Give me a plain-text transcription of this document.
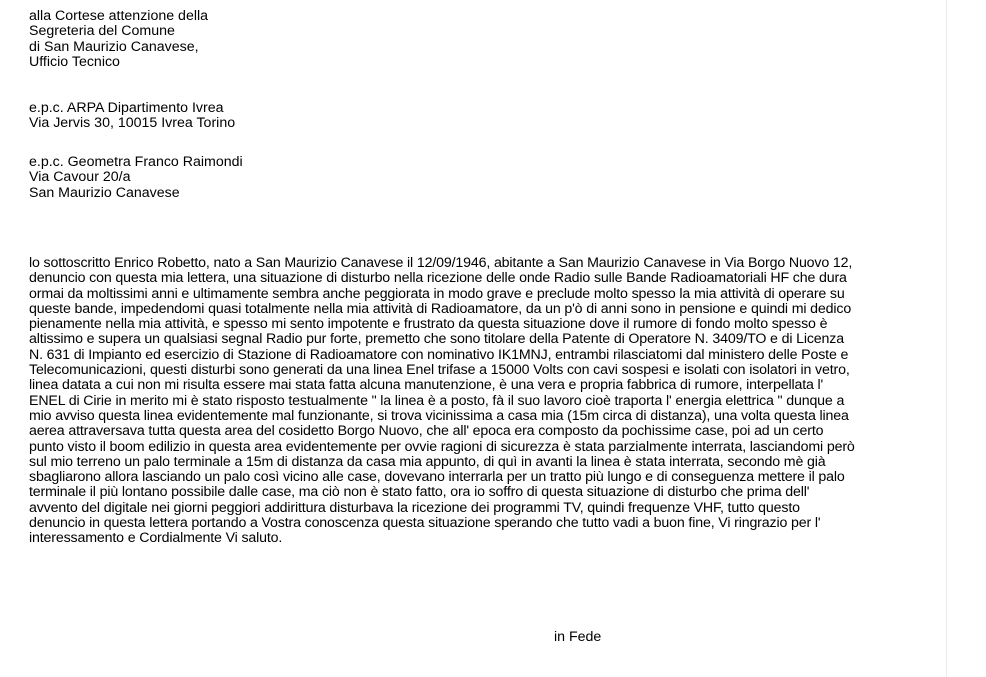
alla Cortese attenzione della
Segreteria del Comune
di San Maurizio Canavese,
Ufficio Tecnico
e.p.c. ARPA Dipartimento Ivrea
Via Jervis 30, 10015 Ivrea Torino
e.p.c. Geometra Franco Raimondi
Via Cavour 20/a
San Maurizio Canavese
lo sottoscritto Enrico Robetto, nato a San Maurizio Canavese il 12/09/1946, abitante a San Maurizio Canavese in Via Borgo Nuovo 12,
denuncio con questa mia lettera, una situazione di disturbo nella ricezione delle onde Radio sulle Bande Radioamatoriali HF che dura
ormai da moltissimi anni e ultimamente sembra anche peggiorata in modo grave e preclude molto spesso la mia attività di operare su
queste bande, impedendomi quasi totalmente nella mia attività di Radioamatore, da un p'ò di anni sono in pensione e quindi mi dedico
pienamente nella mia attività, e spesso mi sento impotente e frustrato da questa situazione dove il rumore di fondo molto spesso è
altissimo e supera un qualsiasi segnal Radio pur forte, premetto che sono titolare della Patente di Operatore N. 3409/TO e di Licenza
N. 631 di Impianto ed esercizio di Stazione di Radioamatore con nominativo IK1MNJ, entrambi rilasciatomi dal ministero delle Poste e
Telecomunicazioni, questi disturbi sono generati da una linea Enel trifase a 15000 Volts con cavi sospesi e isolati con isolatori in vetro,
linea datata a cui non mi risulta essere mai stata fatta alcuna manutenzione, è una vera e propria fabbrica di rumore, interpellata l'
ENEL di Cirie in merito mi è stato risposto testualmente " la linea è a posto, fà il suo lavoro cioè traporta l' energia elettrica " dunque a
mio avviso questa linea evidentemente mal funzionante, si trova vicinissima a casa mia (15m circa di distanza), una volta questa linea
aerea attraversava tutta questa area del cosidetto Borgo Nuovo, che all' epoca era composto da pochissime case, poi ad un certo
punto visto il boom edilizio in questa area evidentemente per ovvie ragioni di sicurezza è stata parzialmente interrata, lasciandomi però
sul mio terreno un palo terminale a 15m di distanza da casa mia appunto, di quì in avanti la linea è stata interrata, secondo mè già
sbagliarono allora lasciando un palo così vicino alle case, dovevano interrarla per un tratto più lungo e di conseguenza mettere il palo
terminale il più lontano possibile dalle case, ma ciò non è stato fatto, ora io soffro di questa situazione di disturbo che prima dell'
avvento del digitale nei giorni peggiori addirittura disturbava la ricezione dei programmi TV, quindi frequenze VHF, tutto questo
denuncio in questa lettera portando a Vostra conoscenza questa situazione sperando che tutto vadi a buon fine, Vi ringrazio per l'
interessamento e Cordialmente Vi saluto.
in Fede
